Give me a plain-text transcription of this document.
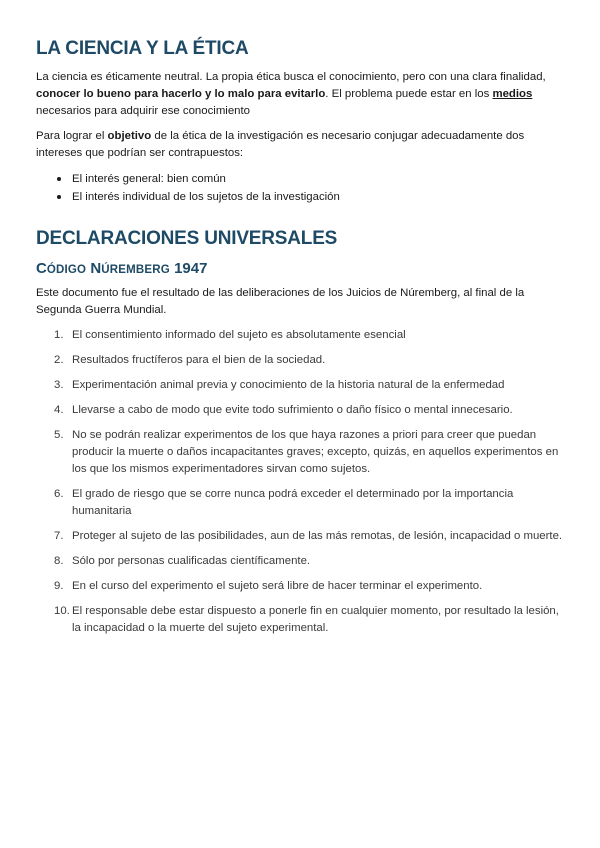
LA CIENCIA Y LA ÉTICA

La ciencia es éticamente neutral. La propia ética busca el conocimiento, pero con una clara finalidad, conocer lo bueno para hacerlo y lo malo para evitarlo. El problema puede estar en los medios necesarios para adquirir ese conocimiento

Para lograr el objetivo de la ética de la investigación es necesario conjugar adecuadamente dos intereses que podrían ser contrapuestos:

El interés general: bien común
El interés individual de los sujetos de la investigación
DECLARACIONES UNIVERSALES
CÓDIGO NÚREMBERG 1947

Este documento fue el resultado de las deliberaciones de los Juicios de Núremberg, al final de la Segunda Guerra Mundial.

1. El consentimiento informado del sujeto es absolutamente esencial
2. Resultados fructíferos para el bien de la sociedad.
3. Experimentación animal previa y conocimiento de la historia natural de la enfermedad
4. Llevarse a cabo de modo que evite todo sufrimiento o daño físico o mental innecesario.
5. No se podrán realizar experimentos de los que haya razones a priori para creer que puedan producir la muerte o daños incapacitantes graves; excepto, quizás, en aquellos experimentos en los que los mismos experimentadores sirvan como sujetos.
6. El grado de riesgo que se corre nunca podrá exceder el determinado por la importancia humanitaria
7. Proteger al sujeto de las posibilidades, aun de las más remotas, de lesión, incapacidad o muerte.
8. Sólo por personas cualificadas científicamente.
9. En el curso del experimento el sujeto será libre de hacer terminar el experimento.
10. El responsable debe estar dispuesto a ponerle fin en cualquier momento, por resultado la lesión, la incapacidad o la muerte del sujeto experimental.
